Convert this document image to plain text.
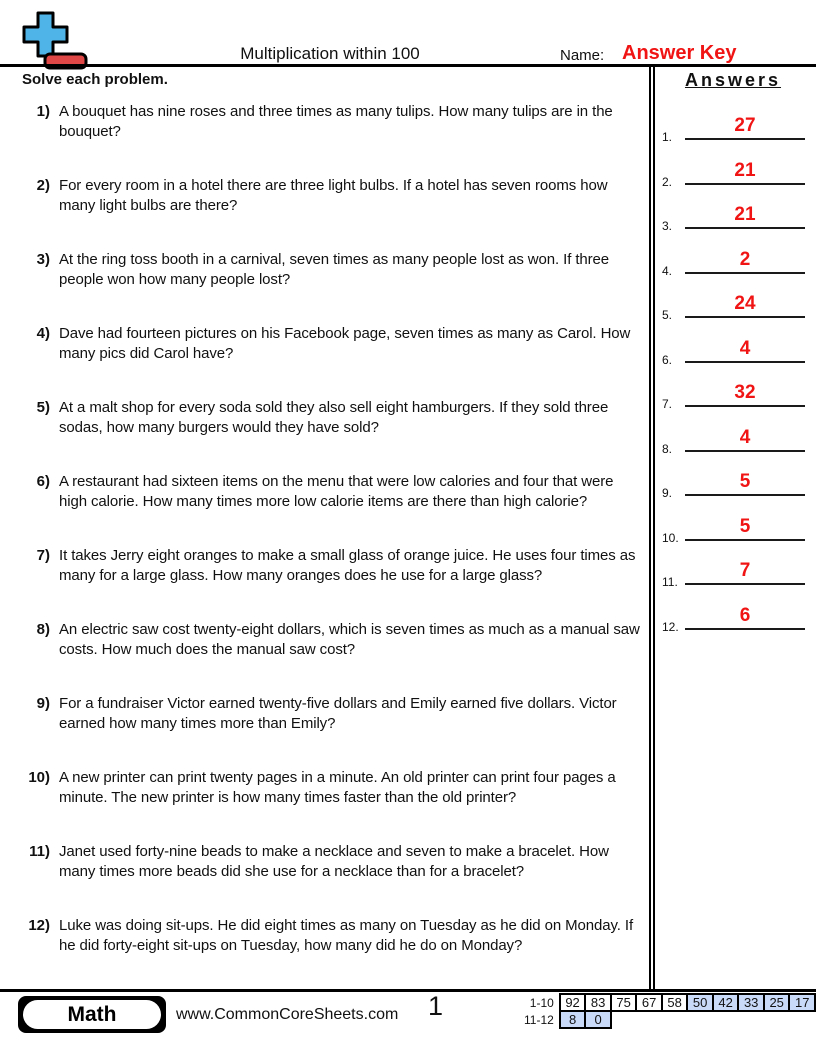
Multiplication within 100	Name: Answer Key
Solve each problem.
1) A bouquet has nine roses and three times as many tulips. How many tulips are in the bouquet?
2) For every room in a hotel there are three light bulbs. If a hotel has seven rooms how many light bulbs are there?
3) At the ring toss booth in a carnival, seven times as many people lost as won. If three people won how many people lost?
4) Dave had fourteen pictures on his Facebook page, seven times as many as Carol. How many pics did Carol have?
5) At a malt shop for every soda sold they also sell eight hamburgers. If they sold three sodas, how many burgers would they have sold?
6) A restaurant had sixteen items on the menu that were low calories and four that were high calorie. How many times more low calorie items are there than high calorie?
7) It takes Jerry eight oranges to make a small glass of orange juice. He uses four times as many for a large glass. How many oranges does he use for a large glass?
8) An electric saw cost twenty-eight dollars, which is seven times as much as a manual saw costs. How much does the manual saw cost?
9) For a fundraiser Victor earned twenty-five dollars and Emily earned five dollars. Victor earned how many times more than Emily?
10) A new printer can print twenty pages in a minute. An old printer can print four pages a minute. The new printer is how many times faster than the old printer?
11) Janet used forty-nine beads to make a necklace and seven to make a bracelet. How many times more beads did she use for a necklace than for a bracelet?
12) Luke was doing sit-ups. He did eight times as many on Tuesday as he did on Monday. If he did forty-eight sit-ups on Tuesday, how many did he do on Monday?
Answers
1.
27
2.
21
3.
21
4.
2
5.
24
6.
4
7.
32
8.
4
9.
5
10.
5
11.
7
12.
6
Math	www.CommonCoreSheets.com 1	1-10	92	83	75	67	58	50	42	33	25	17
11-12	8	0								
